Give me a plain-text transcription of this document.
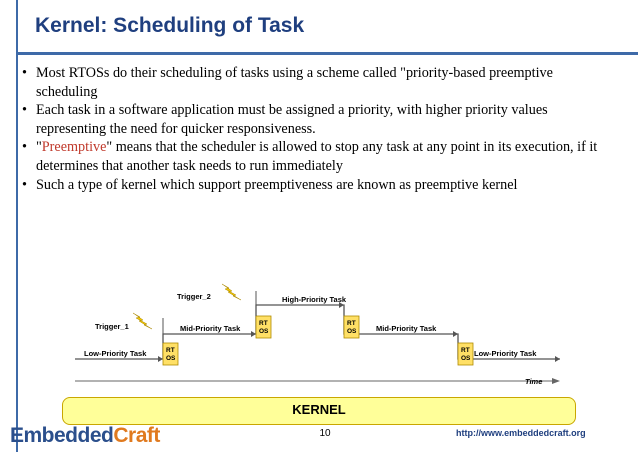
Kernel: Scheduling of Task
• Most RTOSs do their scheduling of tasks using a scheme called "priority-based preemptive scheduling
• Each task in a software application must be assigned a priority, with higher priority values representing the need for quicker responsiveness.
• "Preemptive" means that the scheduler is allowed to stop any task at any point in its execution, if it determines that another task needs to run immediately
• Such a type of kernel which support preemptiveness are known as preemptive kernel
Time
Low-Priority Task
Mid-Priority Task
High-Priority Task
Mid-Priority Task
Low-Priority Task
RT
OS
RT
OS
RT
OS
RT
OS
Trigger_1
Trigger_2
KERNEL
EmbeddedCraft	10	http://www.embeddedcraft.org
